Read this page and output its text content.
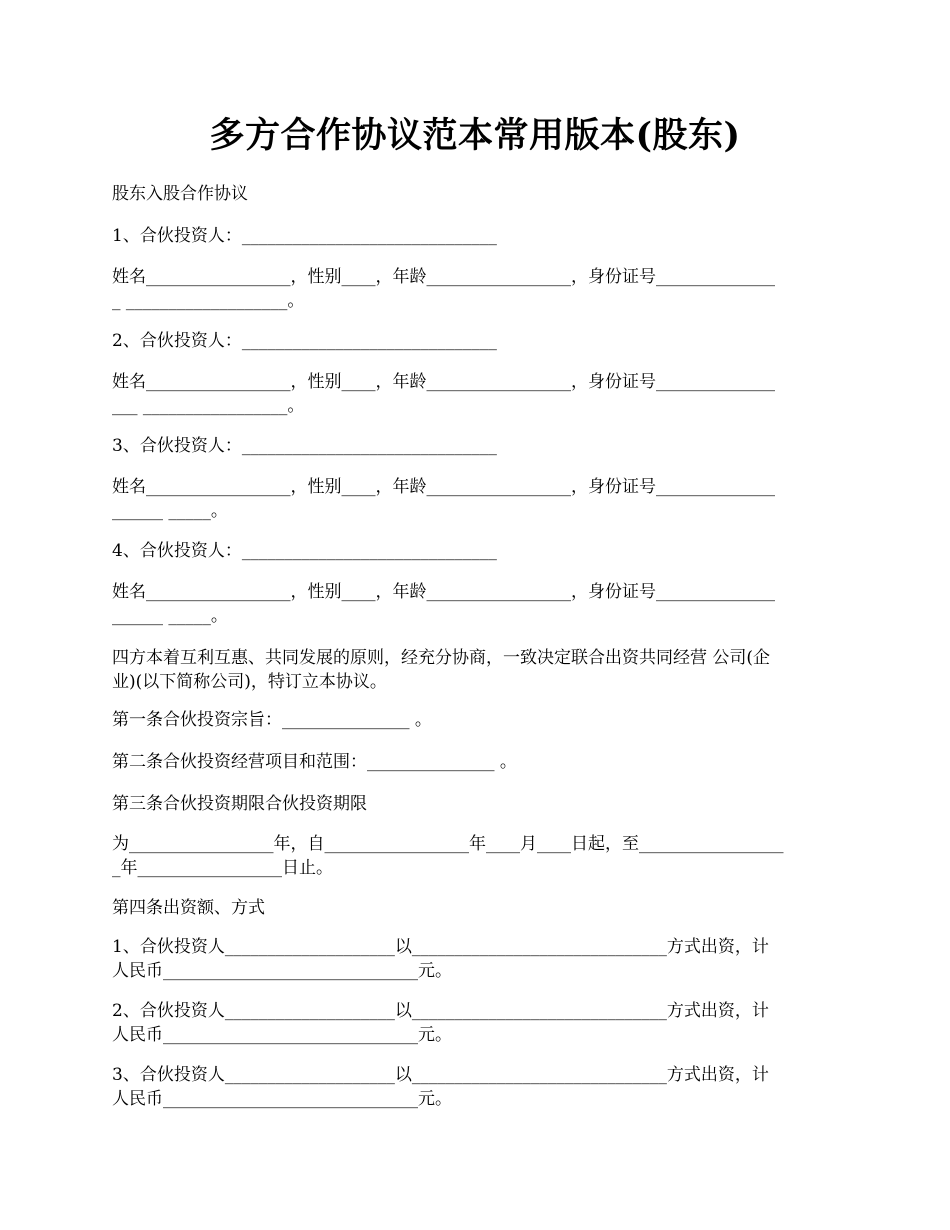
多方合作协议范本常用版本(股东)

股东入股合作协议

1、合伙投资人：______________________________

姓名_________________，性别____，年龄_________________，身份证号______________

_ ___________________。

2、合伙投资人：______________________________

姓名_________________，性别____，年龄_________________，身份证号______________

___ _________________。

3、合伙投资人：______________________________

姓名_________________，性别____，年龄_________________，身份证号______________

______ _____。

4、合伙投资人：______________________________

姓名_________________，性别____，年龄_________________，身份证号______________

______ _____。

四方本着互利互惠、共同发展的原则，经充分协商，一致决定联合出资共同经营 公司(企

业)(以下简称公司)，特订立本协议。

第一条合伙投资宗旨：_______________ 。

第二条合伙投资经营项目和范围：_______________ 。

第三条合伙投资期限合伙投资期限

为_________________年，自_________________年____月____日起，至_________________

_年_________________日止。

第四条出资额、方式

1、合伙投资人____________________以______________________________方式出资，计

人民币______________________________元。

2、合伙投资人____________________以______________________________方式出资，计

人民币______________________________元。

3、合伙投资人____________________以______________________________方式出资，计

人民币______________________________元。
